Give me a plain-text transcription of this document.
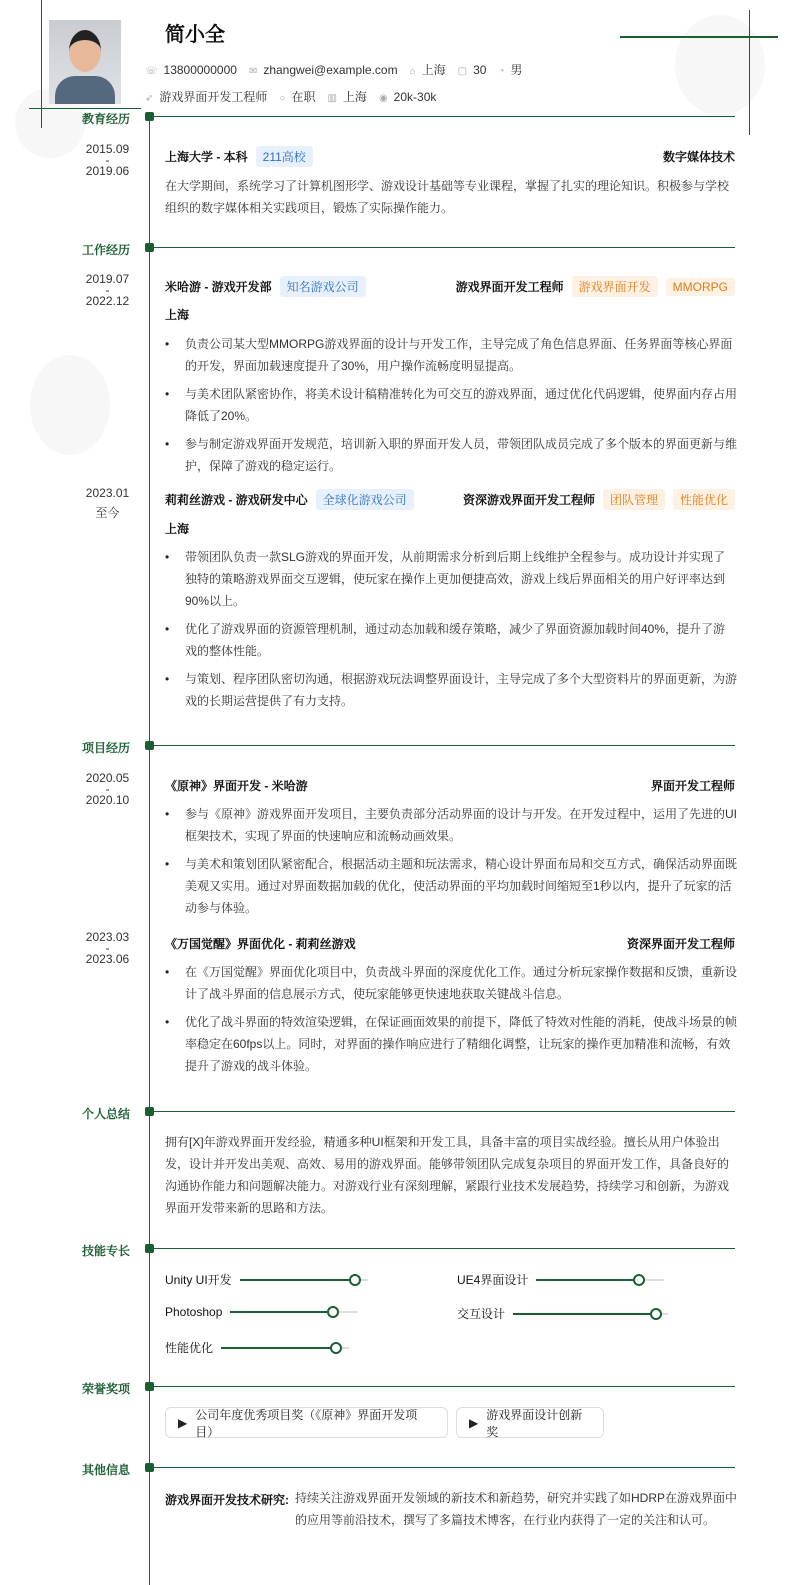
简小全
☏ 13800000000 ✉ zhangwei@example.com ⌂ 上海 ▢ 30 ◔ 男
➶ 游戏界面开发工程师 ○ 在职 ▥ 上海 ◉ 20k-30k
教育经历
工作经历
项目经历
个人总结
技能专长
荣誉奖项
其他信息
2015.09
-
2019.06
上海大学 - 本科	211高校	数字媒体技术
在大学期间，系统学习了计算机图形学、游戏设计基础等专业课程，掌握了扎实的理论知识。积极参与学校组织的数字媒体相关实践项目，锻炼了实际操作能力。
2019.07
-
2022.12
米哈游 - 游戏开发部	知名游戏公司	游戏界面开发工程师	游戏界面开发	MMORPG
上海
• 负责公司某大型MMORPG游戏界面的设计与开发工作，主导完成了角色信息界面、任务界面等核心界面的开发，界面加载速度提升了30%，用户操作流畅度明显提高。
• 与美术团队紧密协作，将美术设计稿精准转化为可交互的游戏界面，通过优化代码逻辑，使界面内存占用降低了20%。
• 参与制定游戏界面开发规范，培训新入职的界面开发人员，带领团队成员完成了多个版本的界面更新与维护，保障了游戏的稳定运行。
2023.01
至今
莉莉丝游戏 - 游戏研发中心	全球化游戏公司	资深游戏界面开发工程师	团队管理	性能优化
上海
• 带领团队负责一款SLG游戏的界面开发，从前期需求分析到后期上线维护全程参与。成功设计并实现了独特的策略游戏界面交互逻辑，使玩家在操作上更加便捷高效，游戏上线后界面相关的用户好评率达到90%以上。
• 优化了游戏界面的资源管理机制，通过动态加载和缓存策略，减少了界面资源加载时间40%，提升了游戏的整体性能。
• 与策划、程序团队密切沟通，根据游戏玩法调整界面设计，主导完成了多个大型资料片的界面更新，为游戏的长期运营提供了有力支持。
2020.05
-
2020.10
《原神》界面开发 - 米哈游	界面开发工程师
• 参与《原神》游戏界面开发项目，主要负责部分活动界面的设计与开发。在开发过程中，运用了先进的UI框架技术，实现了界面的快速响应和流畅动画效果。
• 与美术和策划团队紧密配合，根据活动主题和玩法需求，精心设计界面布局和交互方式，确保活动界面既美观又实用。通过对界面数据加载的优化，使活动界面的平均加载时间缩短至1秒以内，提升了玩家的活动参与体验。
2023.03
-
2023.06
《万国觉醒》界面优化 - 莉莉丝游戏	资深界面开发工程师
• 在《万国觉醒》界面优化项目中，负责战斗界面的深度优化工作。通过分析玩家操作数据和反馈，重新设计了战斗界面的信息展示方式，使玩家能够更快速地获取关键战斗信息。
• 优化了战斗界面的特效渲染逻辑，在保证画面效果的前提下，降低了特效对性能的消耗，使战斗场景的帧率稳定在60fps以上。同时，对界面的操作响应进行了精细化调整，让玩家的操作更加精准和流畅，有效提升了游戏的战斗体验。
拥有[X]年游戏界面开发经验，精通多种UI框架和开发工具，具备丰富的项目实战经验。擅长从用户体验出发，设计并开发出美观、高效、易用的游戏界面。能够带领团队完成复杂项目的界面开发工作，具备良好的沟通协作能力和问题解决能力。对游戏行业有深刻理解，紧跟行业技术发展趋势，持续学习和创新，为游戏界面开发带来新的思路和方法。
Unity UI开发	UE4界面设计
Photoshop	交互设计
性能优化
▶
公司年度优秀项目奖（《原神》界面开发项目）
▶
游戏界面设计创新奖
游戏界面开发技术研究: 持续关注游戏界面开发领域的新技术和新趋势，研究并实践了如HDRP在游戏界面中的应用等前沿技术，撰写了多篇技术博客，在行业内获得了一定的关注和认可。
